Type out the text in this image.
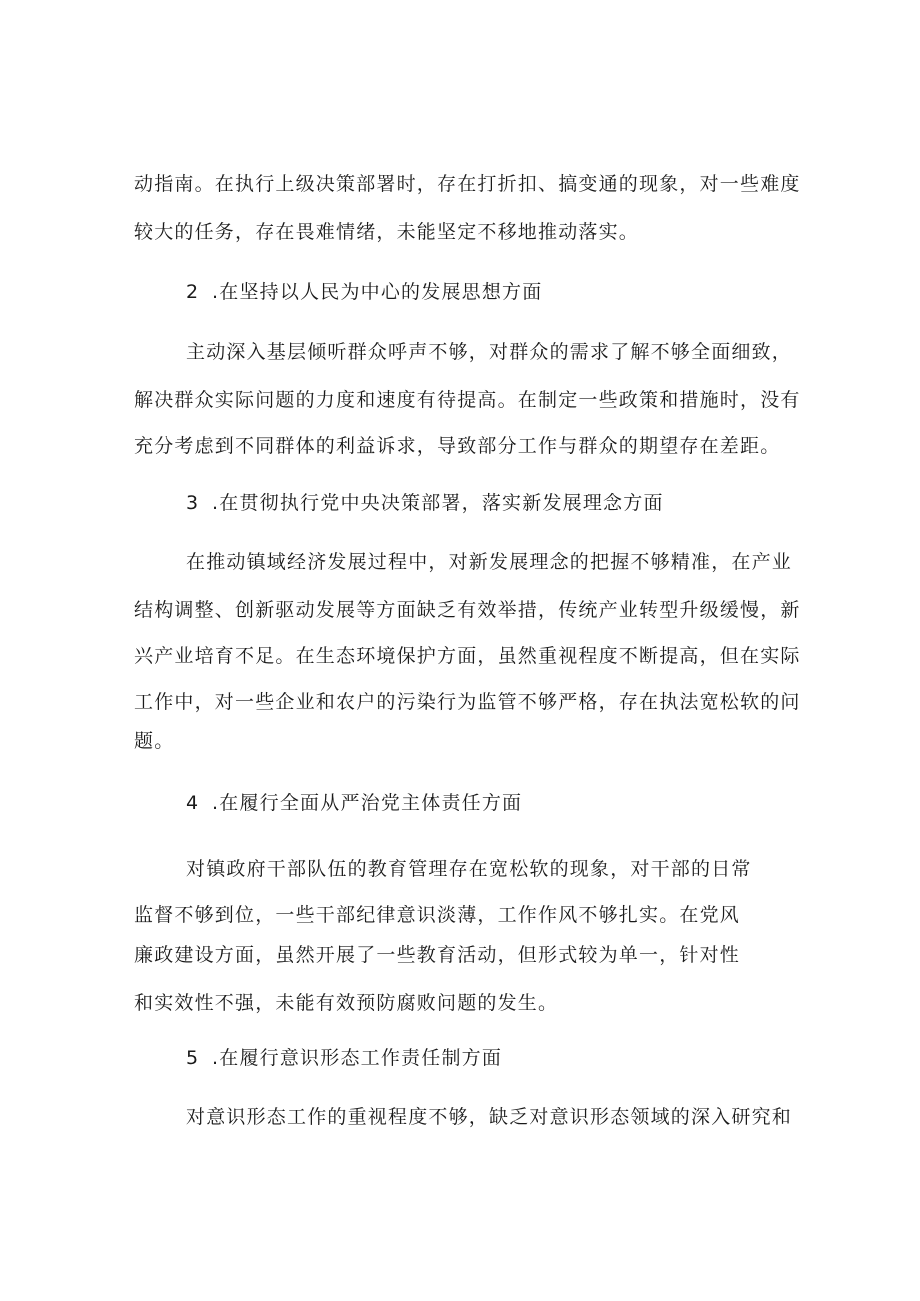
动指南。在执行上级决策部署时，存在打折扣、搞变通的现象，对一些难度
较大的任务，存在畏难情绪，未能坚定不移地推动落实。
2 .在坚持以人民为中心的发展思想方面
主动深入基层倾听群众呼声不够，对群众的需求了解不够全面细致，
解决群众实际问题的力度和速度有待提高。在制定一些政策和措施时，没有
充分考虑到不同群体的利益诉求，导致部分工作与群众的期望存在差距。
3 .在贯彻执行党中央决策部署，落实新发展理念方面
在推动镇域经济发展过程中，对新发展理念的把握不够精准，在产业
结构调整、创新驱动发展等方面缺乏有效举措，传统产业转型升级缓慢，新
兴产业培育不足。在生态环境保护方面，虽然重视程度不断提高，但在实际
工作中，对一些企业和农户的污染行为监管不够严格，存在执法宽松软的问
题。
4 .在履行全面从严治党主体责任方面
对镇政府干部队伍的教育管理存在宽松软的现象，对干部的日常
监督不够到位，一些干部纪律意识淡薄，工作作风不够扎实。在党风
廉政建设方面，虽然开展了一些教育活动，但形式较为单一，针对性
和实效性不强，未能有效预防腐败问题的发生。
5 .在履行意识形态工作责任制方面
对意识形态工作的重视程度不够，缺乏对意识形态领域的深入研究和
